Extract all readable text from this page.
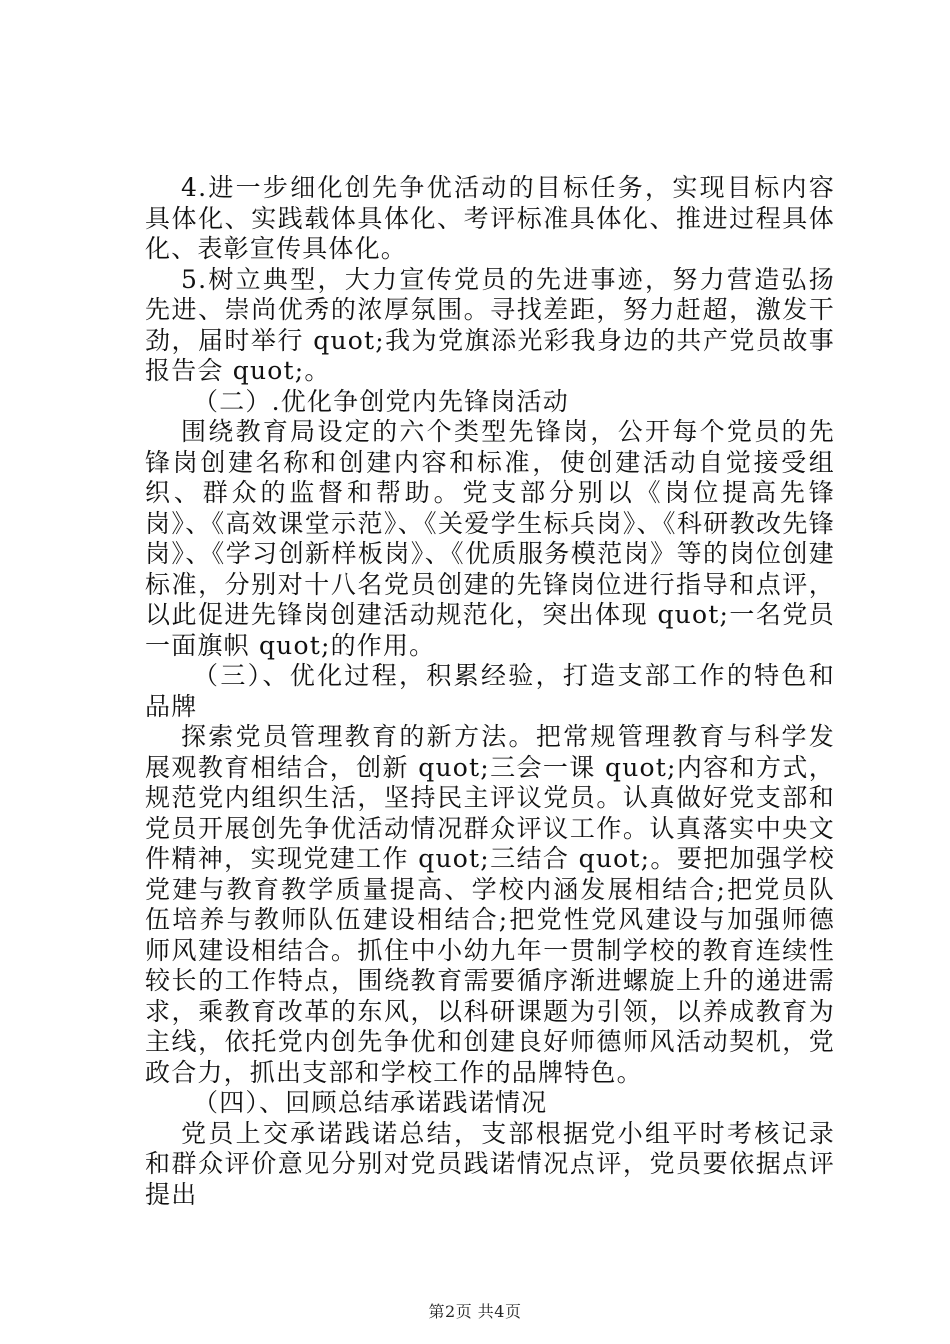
4.进一步细化创先争优活动的目标任务，实现目标内容具体化、实践载体具体化、考评标准具体化、推进过程具体化、表彰宣传具体化。

5.树立典型，大力宣传党员的先进事迹，努力营造弘扬先进、崇尚优秀的浓厚氛围。寻找差距，努力赶超，激发干劲，届时举行 quot;我为党旗添光彩我身边的共产党员故事报告会 quot;。

（二）.优化争创党内先锋岗活动

围绕教育局设定的六个类型先锋岗，公开每个党员的先锋岗创建名称和创建内容和标准，使创建活动自觉接受组织、群众的监督和帮助。党支部分别以《岗位提高先锋岗》、《高效课堂示范》、《关爱学生标兵岗》、《科研教改先锋岗》、《学习创新样板岗》、《优质服务模范岗》等的岗位创建标准，分别对十八名党员创建的先锋岗位进行指导和点评，以此促进先锋岗创建活动规范化，突出体现 quot;一名党员一面旗帜 quot;的作用。

（三）、优化过程，积累经验，打造支部工作的特色和品牌

探索党员管理教育的新方法。把常规管理教育与科学发展观教育相结合，创新 quot;三会一课 quot;内容和方式，规范党内组织生活，坚持民主评议党员。认真做好党支部和党员开展创先争优活动情况群众评议工作。认真落实中央文件精神，实现党建工作 quot;三结合 quot;。要把加强学校党建与教育教学质量提高、学校内涵发展相结合;把党员队伍培养与教师队伍建设相结合;把党性党风建设与加强师德师风建设相结合。抓住中小幼九年一贯制学校的教育连续性较长的工作特点，围绕教育需要循序渐进螺旋上升的递进需求，乘教育改革的东风，以科研课题为引领，以养成教育为主线，依托党内创先争优和创建良好师德师风活动契机，党政合力，抓出支部和学校工作的品牌特色。

（四）、回顾总结承诺践诺情况

党员上交承诺践诺总结，支部根据党小组平时考核记录和群众评价意见分别对党员践诺情况点评，党员要依据点评提出

第2页 共4页
